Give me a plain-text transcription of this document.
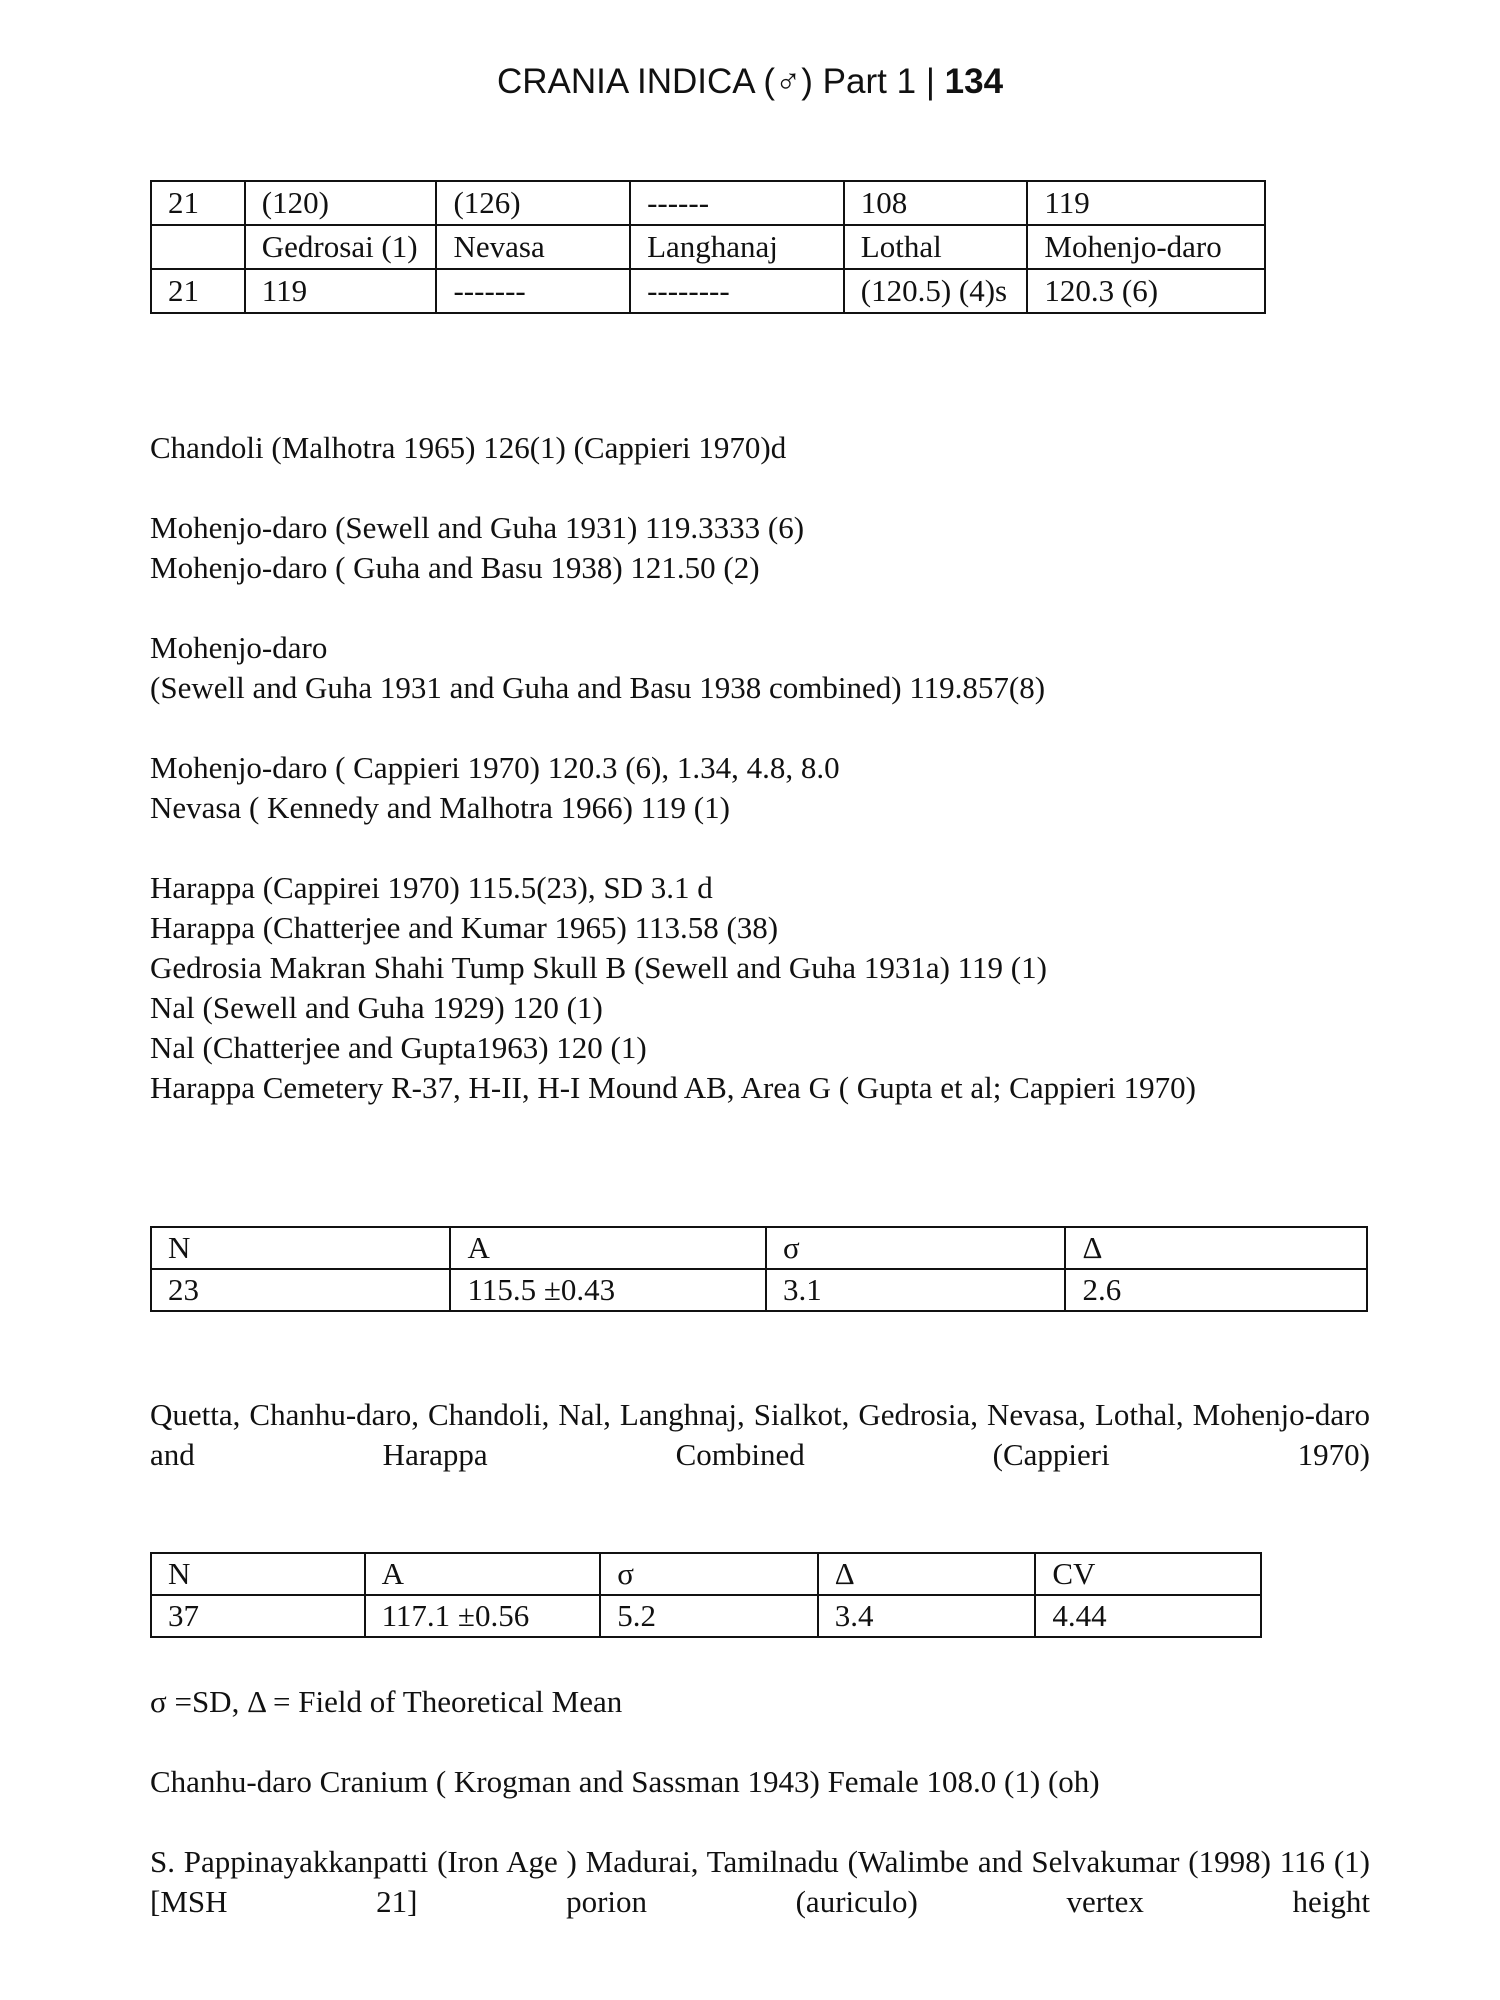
CRANIA INDICA (♂) Part 1 | 134
21	(120)	(126)	------	108	119
	Gedrosai (1)	Nevasa	Langhanaj	Lothal	Mohenjo-daro
21	119	-------	--------	(120.5) (4)s	120.3 (6)

Chandoli (Malhotra 1965) 126(1) (Cappieri 1970)d

Mohenjo-daro (Sewell and Guha 1931) 119.3333 (6)

Mohenjo-daro ( Guha and Basu 1938) 121.50 (2)

Mohenjo-daro

(Sewell and Guha 1931 and Guha and Basu 1938 combined) 119.857(8)

Mohenjo-daro ( Cappieri 1970) 120.3 (6), 1.34, 4.8, 8.0

Nevasa ( Kennedy and Malhotra 1966) 119 (1)

Harappa (Cappirei 1970) 115.5(23), SD 3.1 d

Harappa (Chatterjee and Kumar 1965) 113.58 (38)

Gedrosia Makran Shahi Tump Skull B (Sewell and Guha 1931a) 119 (1)

Nal (Sewell and Guha 1929) 120 (1)

Nal (Chatterjee and Gupta1963) 120 (1)

Harappa Cemetery R-37, H-II, H-I Mound AB, Area G ( Gupta et al; Cappieri 1970)

N	A	σ	Δ
23	115.5 ±0.43	3.1	2.6

Quetta, Chanhu-daro, Chandoli, Nal, Langhnaj, Sialkot, Gedrosia, Nevasa, Lothal, Mohenjo-daro and Harappa Combined (Cappieri 1970)

N	A	σ	Δ	CV
37	117.1 ±0.56	5.2	3.4	4.44

σ =SD, Δ = Field of Theoretical Mean

Chanhu-daro Cranium ( Krogman and Sassman 1943) Female 108.0 (1) (oh)

S. Pappinayakkanpatti (Iron Age ) Madurai, Tamilnadu (Walimbe and Selvakumar (1998) 116 (1) [MSH 21] porion (auriculo) vertex height
